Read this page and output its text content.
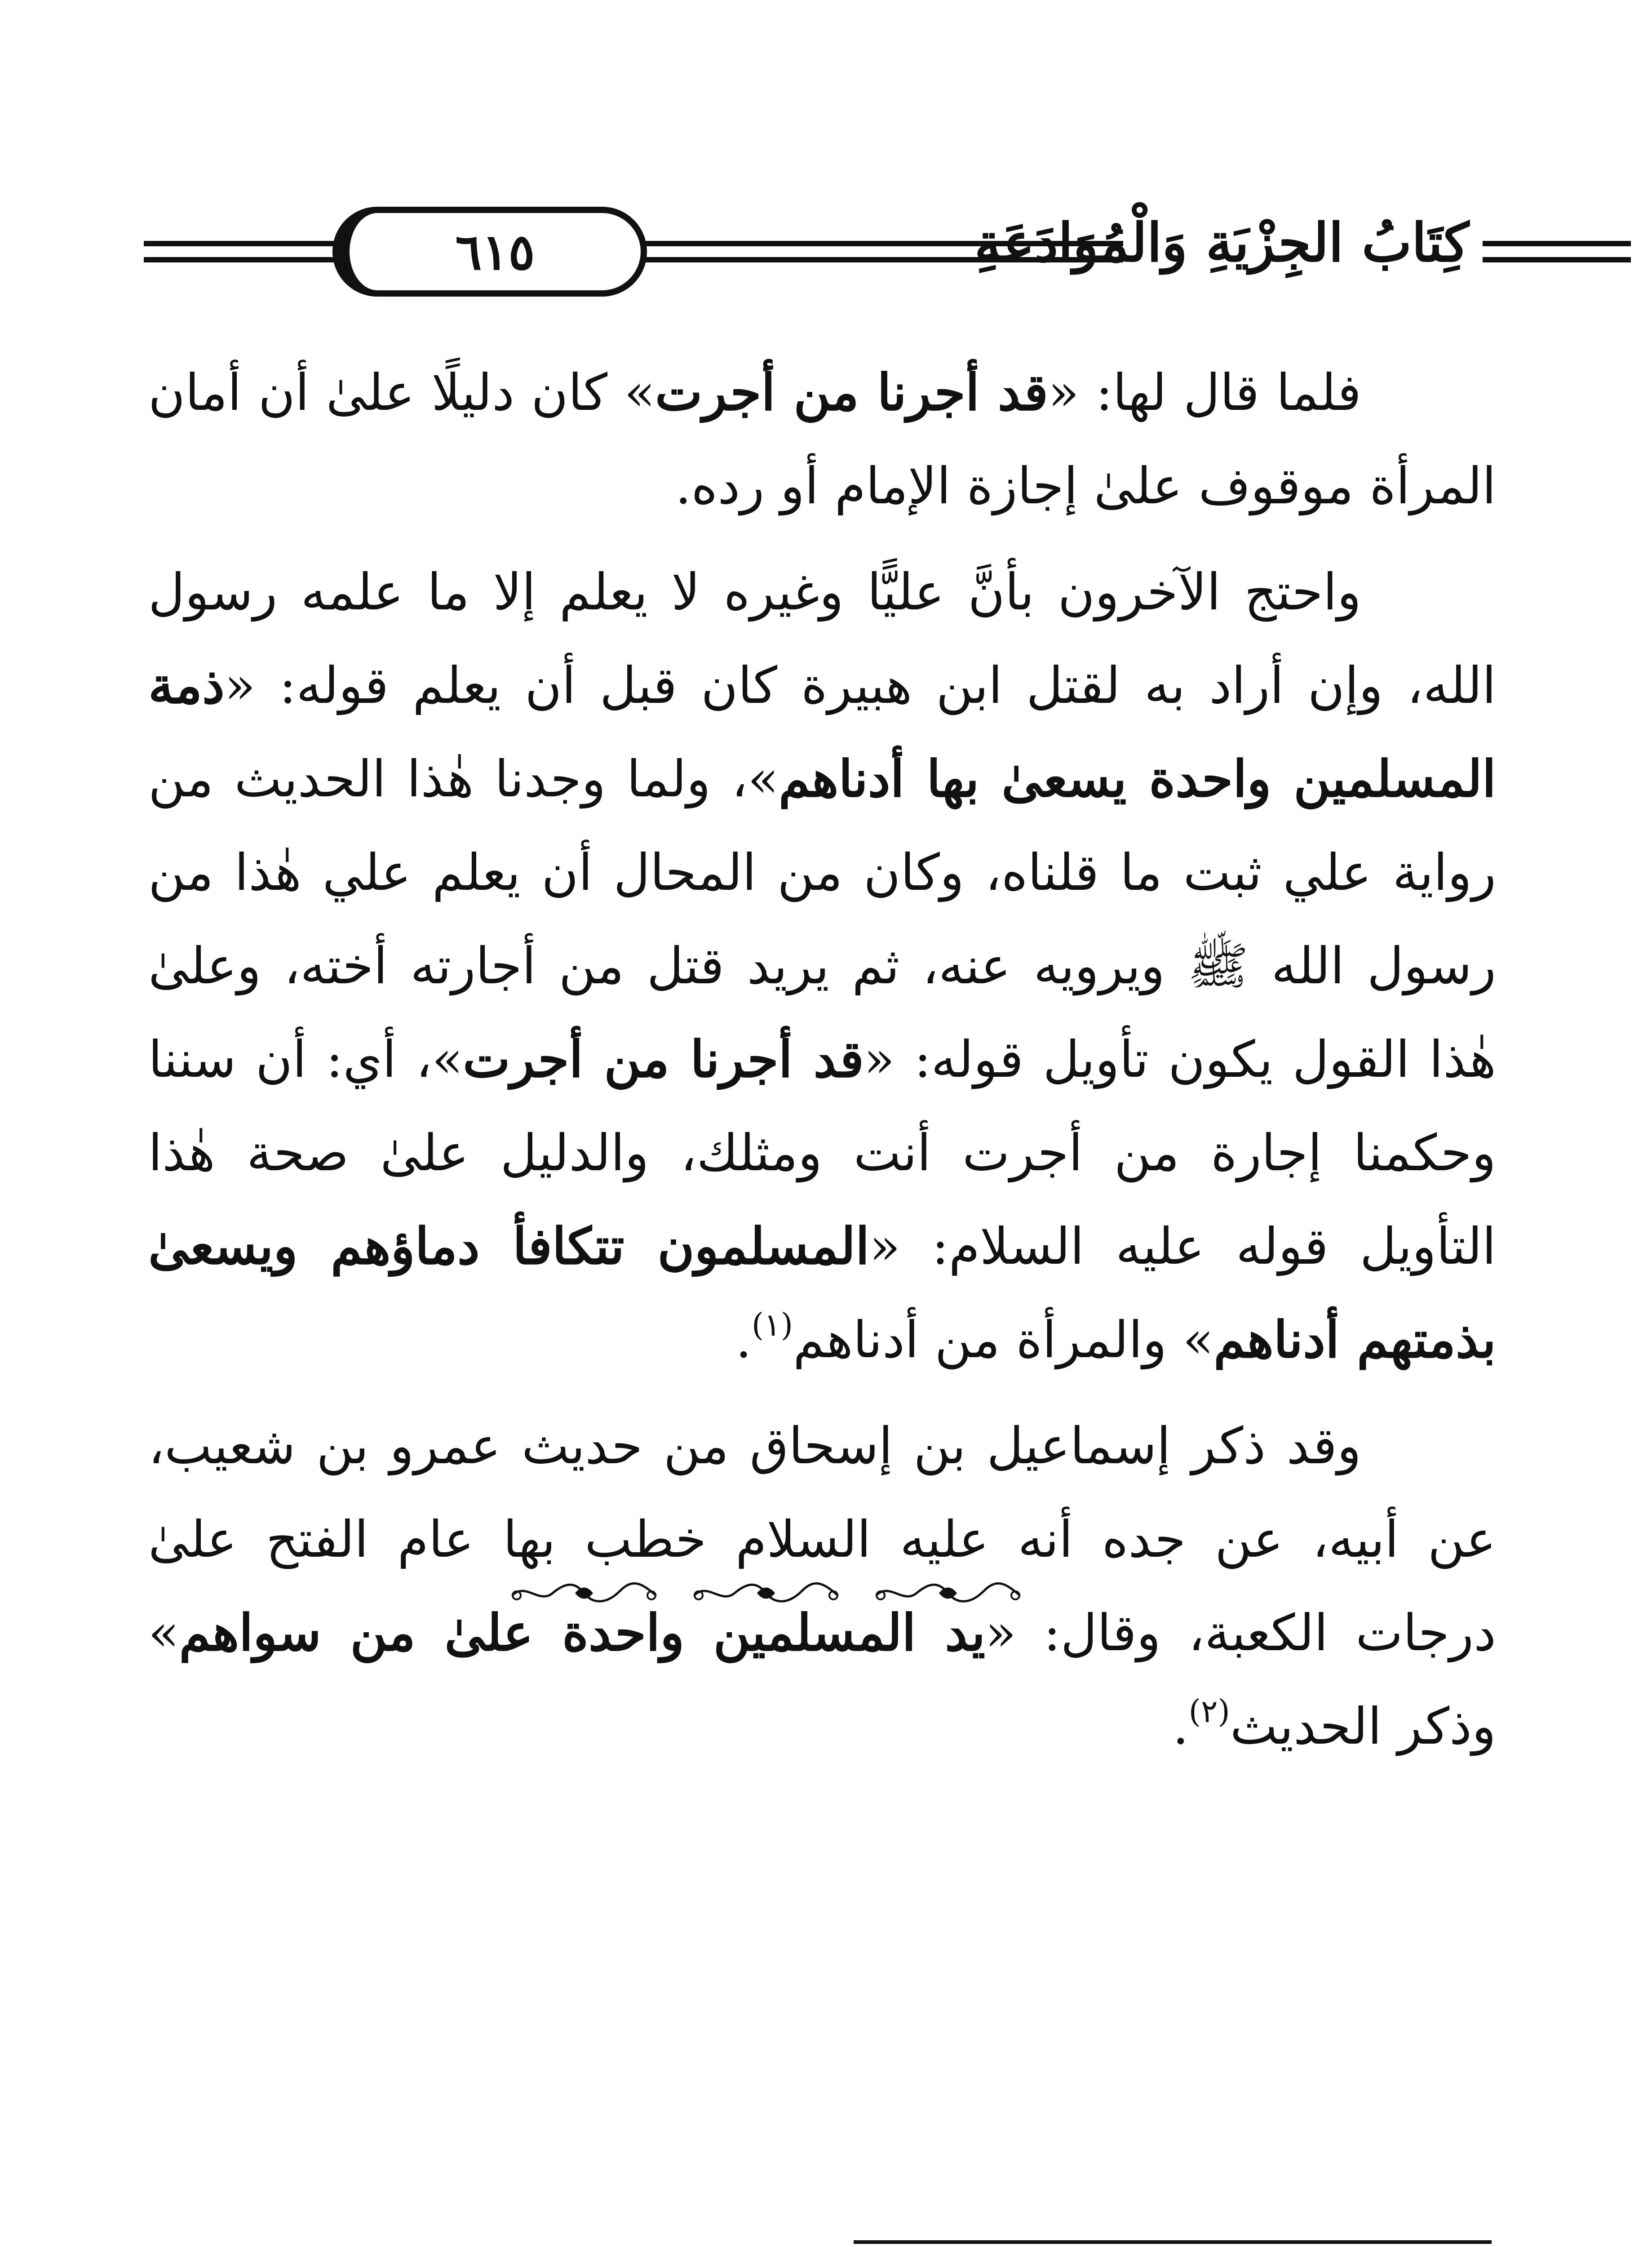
٦١٥	كِتَابُ الجِزْيَةِ وَالْمُوَادَعَةِ

فلما قال لها: «قد أجرنا من أجرت» كان دليلًا علىٰ أن أمان المرأة موقوف علىٰ إجازة الإمام أو رده.

واحتج الآخرون بأنَّ عليًّا وغيره لا يعلم إلا ما علمه رسول الله، وإن أراد به لقتل ابن هبيرة كان قبل أن يعلم قوله: «ذمة المسلمين واحدة يسعىٰ بها أدناهم»، ولما وجدنا هٰذا الحديث من رواية علي ثبت ما قلناه، وكان من المحال أن يعلم علي هٰذا من رسول الله ﷺ ويرويه عنه، ثم يريد قتل من أجارته أخته، وعلىٰ هٰذا القول يكون تأويل قوله: «قد أجرنا من أجرت»، أي: أن سننا وحكمنا إجارة من أجرت أنت ومثلك، والدليل علىٰ صحة هٰذا التأويل قوله عليه السلام: «المسلمون تتكافأ دماؤهم ويسعىٰ بذمتهم أدناهم» والمرأة من أدناهم$^{(١)}$.

وقد ذكر إسماعيل بن إسحاق من حديث عمرو بن شعيب، عن أبيه، عن جده أنه عليه السلام خطب بها عام الفتح علىٰ درجات الكعبة، وقال: «يد المسلمين واحدة علىٰ من سواهم» وذكر الحديث$^{(٢)}$.
